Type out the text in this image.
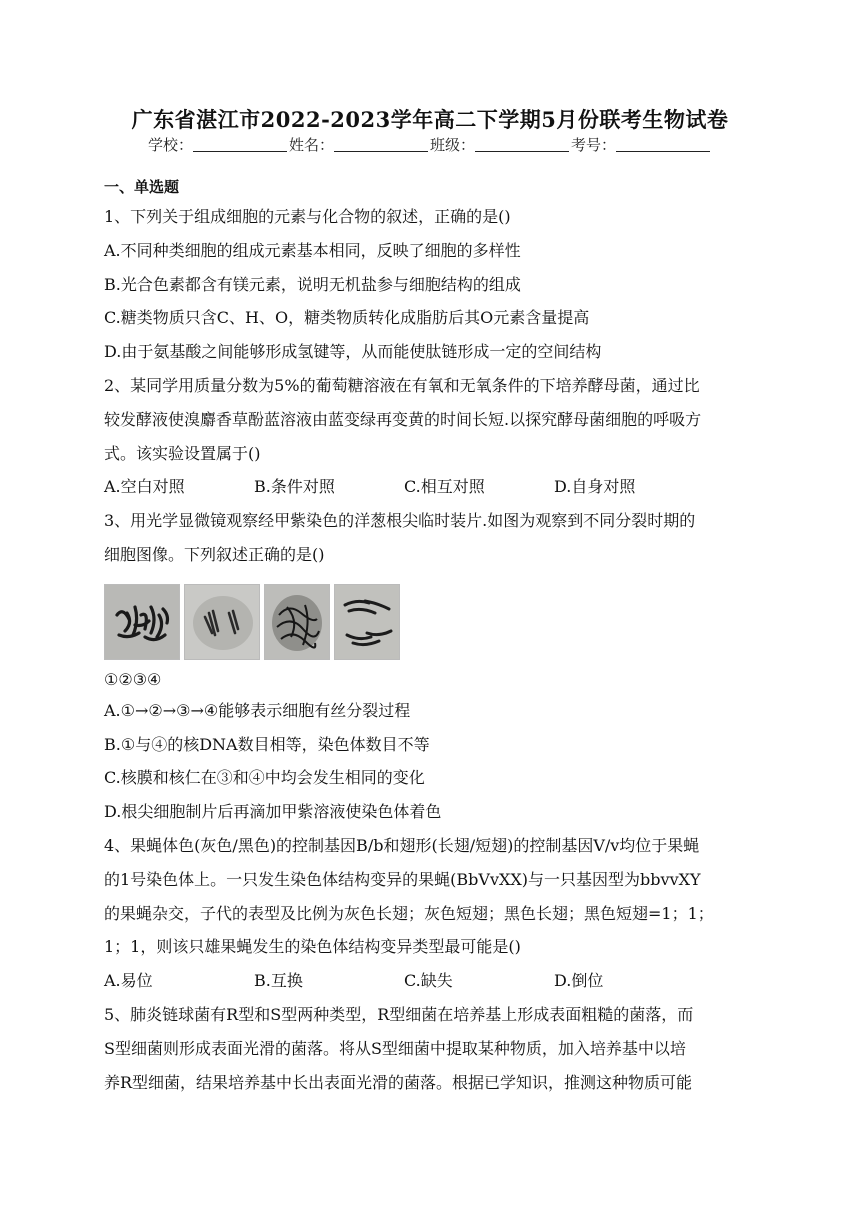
广东省湛江市2022-2023学年高二下学期5月份联考生物试卷
学校：	姓名：	班级：	考号：
一、单选题
1、下列关于组成细胞的元素与化合物的叙述，正确的是()
A.不同种类细胞的组成元素基本相同，反映了细胞的多样性
B.光合色素都含有镁元素，说明无机盐参与细胞结构的组成
C.糖类物质只含C、H、O，糖类物质转化成脂肪后其O元素含量提高
D.由于氨基酸之间能够形成氢键等，从而能使肽链形成一定的空间结构
2、某同学用质量分数为5%的葡萄糖溶液在有氧和无氧条件的下培养酵母菌，通过比
较发酵液使溴麝香草酚蓝溶液由蓝变绿再变黄的时间长短.以探究酵母菌细胞的呼吸方
式。该实验设置属于()
A.空白对照	B.条件对照	C.相互对照	D.自身对照
3、用光学显微镜观察经甲紫染色的洋葱根尖临时装片.如图为观察到不同分裂时期的
细胞图像。下列叙述正确的是()
①②③④
A.①→②→③→④能够表示细胞有丝分裂过程
B.①与④的核DNA数目相等，染色体数目不等
C.核膜和核仁在③和④中均会发生相同的变化
D.根尖细胞制片后再滴加甲紫溶液使染色体着色
4、果蝇体色(灰色/黑色)的控制基因B/b和翅形(长翅/短翅)的控制基因V/v均位于果蝇
的1号染色体上。一只发生染色体结构变异的果蝇(BbVvXX)与一只基因型为bbvvXY
的果蝇杂交，子代的表型及比例为灰色长翅；灰色短翅；黑色长翅；黑色短翅=1；1；
1；1，则该只雄果蝇发生的染色体结构变异类型最可能是()
A.易位	B.互换	C.缺失	D.倒位
5、肺炎链球菌有R型和S型两种类型，R型细菌在培养基上形成表面粗糙的菌落，而
S型细菌则形成表面光滑的菌落。将从S型细菌中提取某种物质，加入培养基中以培
养R型细菌，结果培养基中长出表面光滑的菌落。根据已学知识，推测这种物质可能
